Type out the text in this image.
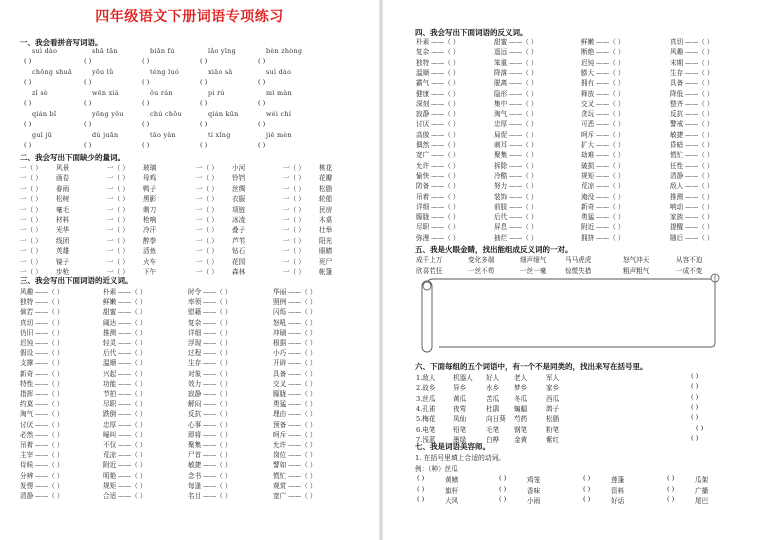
四年级语文下册词语专项练习
一、我会看拼音写词语。
suì dào	shā tān	biān fú	lǎo yīng	bèn zhòng
( )	( )	( )	( )	( )
chōng shuā	yōu lǜ	téng luó	xiāo sǎ	suì dào
( )	( )	( )	( )	( )
zǐ sè	wēn xiá	ǒu rán	pì rú	mí màn
( )	( )	( )	( )	( )
qián bǐ	yōng yǒu	chú chōu	qián kūn	wéi chí
( )	( )	( )	( )	( )
guī jū	dù juān	tāo yàn	tí xǐng	jiě mèn
( )	( )	( )	( )	( )
二、我会写出下面缺少的量词。
一（ ） 风景	一（ ） 玻璃	一（ ） 小河	一（ ） 桃花
一（ ） 画卷	一（ ） 母鸡	一（ ） 铃铛	一（ ） 花瓣
一（ ） 春雨	一（ ） 鸭子	一（ ） 丝绸	一（ ） 松脂
一（ ） 松树	一（ ） 黑影	一（ ） 衣服	一（ ） 轮船
一（ ） 毫毛	一（ ） 剃刀	一（ ） 项链	一（ ） 民房
一（ ） 材料	一（ ） 枪响	一（ ） 冰凌	一（ ） 木桌
一（ ） 光华	一（ ） 冷汗	一（ ） 叠子	一（ ） 壮举
一（ ） 线团	一（ ） 醉拳	一（ ） 芦苇	一（ ） 阳光
一（ ） 英雄	一（ ） 活鱼	一（ ） 钻石	一（ ） 眼睛
一（ ） 镜子	一（ ） 火车	一（ ） 花园	一（ ） 死尸
一（ ） 步枪	一（ ） 下午	一（ ） 森林	一（ ） 帐篷
三、我会写出下面词语的近义词。
风趣 ——（ ）	朴素 ——（ ）	时令 ——（ ）	华丽 ——（ ）
独特 ——（ ）	鲜嫩 ——（ ）	率领 ——（ ）	照例 ——（ ）
倘若 ——（ ）	甜蜜 ——（ ）	慰藉 ——（ ）	闪烁 ——（ ）
真切 ——（ ）	阔达 ——（ ）	复杂 ——（ ）	怒吼 ——（ ）
仍旧 ——（ ）	推测 ——（ ）	详细 ——（ ）	冲刷 ——（ ）
迟钝 ——（ ）	轻灵 ——（ ）	浮现 ——（ ）	根据 ——（ ）
假设 ——（ ）	后代 ——（ ）	过程 ——（ ）	小巧 ——（ ）
支撑 ——（ ）	温顺 ——（ ）	生存 ——（ ）	开辟 ——（ ）
新奇 ——（ ）	兴起 ——（ ）	对象 ——（ ）	具备 ——（ ）
特性 ——（ ）	功能 ——（ ）	效力 ——（ ）	交叉 ——（ ）
指挥 ——（ ）	节拍 ——（ ）	寂静 ——（ ）	朦胧 ——（ ）
约莫 ——（ ）	尽职 ——（ ）	解闷 ——（ ）	勇猛 ——（ ）
淘气 ——（ ）	跌倒 ——（ ）	反抗 ——（ ）	理由 ——（ ）
讨厌 ——（ ）	忠厚 ——（ ）	心事 ——（ ）	预备 ——（ ）
必然 ——（ ）	嚎叫 ——（ ）	即将 ——（ ）	呵斥 ——（ ）
吊着 ——（ ）	不仅 ——（ ）	聚集 ——（ ）	允许 ——（ ）
主宰 ——（ ）	荒凉 ——（ ）	尸首 ——（ ）	岗位 ——（ ）
侍候 ——（ ）	附近 ——（ ）	敏捷 ——（ ）	譬如 ——（ ）
分辨 ——（ ）	明艳 ——（ ）	念书 ——（ ）	慌忙 ——（ ）
发愣 ——（ ）	规矩 ——（ ）	每逢 ——（ ）	观赏 ——（ ）
清静 ——（ ）	合适 ——（ ）	名目 ——（ ）	宽广 ——（ ）
四、我会写出下面词语的反义词。
朴素 ——（ ）	甜蜜 ——（ ）	鲜嫩 ——（ ）	真切 ——（ ）
复杂 ——（ ）	遥远 ——（ ）	断绝 ——（ ）	风趣 ——（ ）
独特 ——（ ）	笨重 ——（ ）	迟钝 ——（ ）	末期 ——（ ）
温顺 ——（ ）	降落 ——（ ）	膨大 ——（ ）	生存 ——（ ）
霸气 ——（ ）	脱离 ——（ ）	拥有 ——（ ）	具备 ——（ ）
健康 ——（ ）	隐形 ——（ ）	释放 ——（ ）	降低 ——（ ）
深刻 ——（ ）	集中 ——（ ）	交叉 ——（ ）	整齐 ——（ ）
寂静 ——（ ）	淘气 ——（ ）	贪玩 ——（ ）	反抗 ——（ ）
讨厌 ——（ ）	忠厚 ——（ ）	可恶 ——（ ）	警戒 ——（ ）
高傲 ——（ ）	局促 ——（ ）	呵斥 ——（ ）	敏捷 ——（ ）
偶然 ——（ ）	刺耳 ——（ ）	扩大 ——（ ）	昏暗 ——（ ）
宽广 ——（ ）	聚集 ——（ ）	劫难 ——（ ）	慌忙 ——（ ）
允许 ——（ ）	拆除 ——（ ）	破损 ——（ ）	任性 ——（ ）
愉快 ——（ ）	冷酷 ——（ ）	规矩 ——（ ）	清静 ——（ ）
防备 ——（ ）	努力 ——（ ）	荒凉 ——（ ）	敌人 ——（ ）
吊着 ——（ ）	装饰 ——（ ）	淹没 ——（ ）	推测 ——（ ）
详细 ——（ ）	前肢 ——（ ）	新奇 ——（ ）	响动 ——（ ）
朦胧 ——（ ）	后代 ——（ ）	勇猛 ——（ ）	家族 ——（ ）
尽职 ——（ ）	屏息 ——（ ）	附近 ——（ ）	提醒 ——（ ）
弥漫 ——（ ）	抽烂 ——（ ）	拥挤 ——（ ）	随后 ——（ ）
五、我是火眼金睛，找出能组成反义词的一对。
成千上万	变化多端	细声细气	马马虎虎	怒气冲天	从容不迫
欣喜若狂	一丝不苟	一丝一毫	惊慌失措	粗声粗气	一成不变
六、下面每组的五个词语中，有一个不是同类的，找出来写在括号里。
1.敌人	机器人 好人 老人	军人	( )
2.故乡	异乡	水乡 梦乡	家乡	( )
3.丝瓜	黄瓜	苦瓜 冬瓜	西瓜	( )
4.孔雀	夜莺	杜鹃 蝙蝠	鸽子	( )
5.梅花	凤仙	向日葵 芍药	松脂	( )
6.电笔	铅笔	毛笔 钢笔	粉笔	( )
7.浅蓝	墨绿	白桦 金黄	紫红	( )
七、我是词语美容师。
1. 在括号里填上合适的动词。
例：（种）丝瓜
( )	黄鳝	( )	鸡笼	( )	莲蓬	( )	瓜架
( )	旗杆	( )	香味	( )	资料	( )	广播
( )	大风	( )	小雨	( )	好话	( )	尾巴
